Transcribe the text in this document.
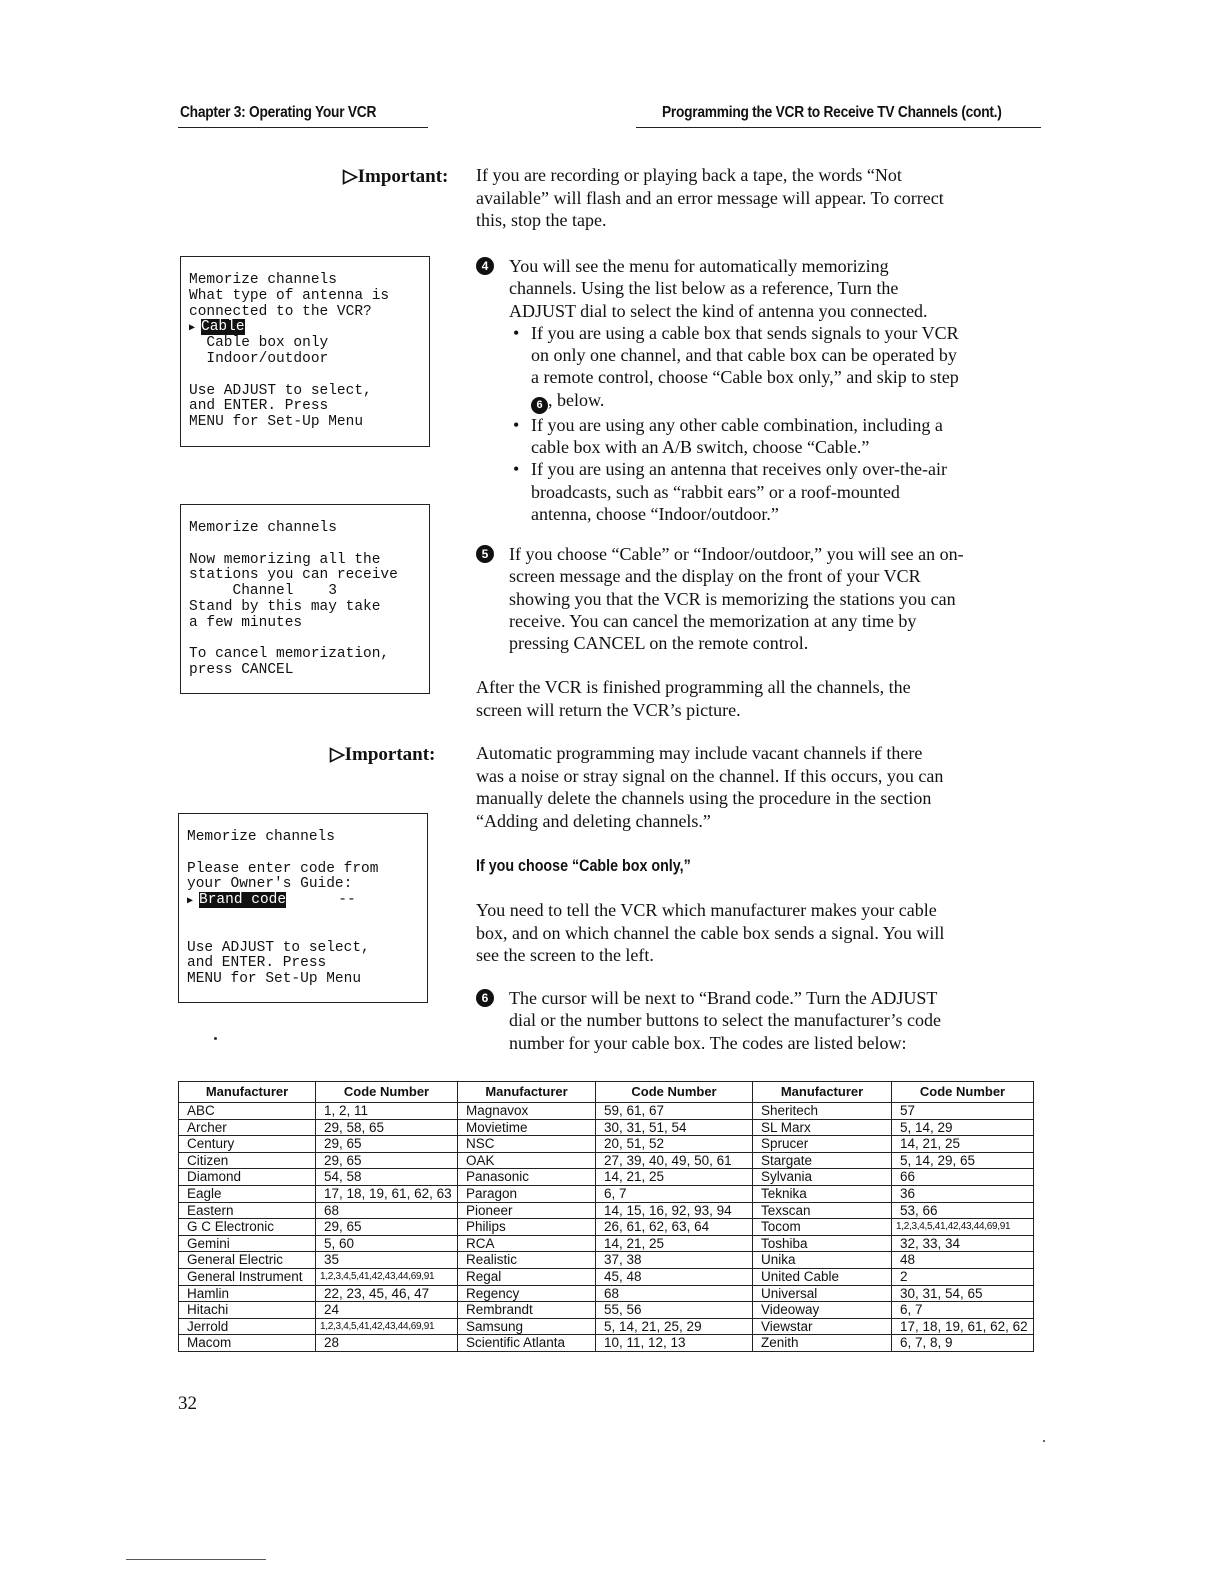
Chapter 3: Operating Your VCR	Programming the VCR to Receive TV Channels (cont.)
▷Important: If you are recording or playing back a tape, the words “Not

available” will flash and an error message will appear. To correct

this, stop the tape.

Memorize channels
What type of antenna is
connected to the VCR?
▶ Cable
Cable box only
Indoor/outdoor
Use ADJUST to select,
and ENTER. Press
MENU for Set-Up Menu
4	You will see the menu for automatically memorizing
channels. Using the list below as a reference, Turn the
ADJUST dial to select the kind of antenna you connected.
• If you are using a cable box that sends signals to your VCR
on only one channel, and that cable box can be operated by
a remote control, choose “Cable box only,” and skip to step
6 , below.
• If you are using any other cable combination, including a
cable box with an A/B switch, choose “Cable.”
• If you are using an antenna that receives only over-the-air
broadcasts, such as “rabbit ears” or a roof-mounted
antenna, choose “Indoor/outdoor.”
Memorize channels
Now memorizing all the
stations you can receive
Channel    3
Stand by this may take
a few minutes
To cancel memorization,
press CANCEL
5	If you choose “Cable” or “Indoor/outdoor,” you will see an on-
screen message and the display on the front of your VCR
showing you that the VCR is memorizing the stations you can
receive. You can cancel the memorization at any time by
pressing CANCEL on the remote control.

After the VCR is finished programming all the channels, the

screen will return the VCR’s picture.

▷Important: Automatic programming may include vacant channels if there

was a noise or stray signal on the channel. If this occurs, you can

manually delete the channels using the procedure in the section

“Adding and deleting channels.”

Memorize channels
Please enter code from
your Owner's Guide:
▶ Brand code	--
Use ADJUST to select,
and ENTER. Press
MENU for Set-Up Menu
If you choose “Cable box only,”

You need to tell the VCR which manufacturer makes your cable

box, and on which channel the cable box sends a signal. You will

see the screen to the left.

6	The cursor will be next to “Brand code.” Turn the ADJUST
dial or the number buttons to select the manufacturer’s code
number for your cable box. The codes are listed below:
Manufacturer	Code Number	Manufacturer	Code Number	Manufacturer	Code Number
ABC	1, 2, 11	Magnavox	59, 61, 67	Sheritech	57
Archer	29, 58, 65	Movietime	30, 31, 51, 54	SL Marx	5, 14, 29
Century	29, 65	NSC	20, 51, 52	Sprucer	14, 21, 25
Citizen	29, 65	OAK	27, 39, 40, 49, 50, 61	Stargate	5, 14, 29, 65
Diamond	54, 58	Panasonic	14, 21, 25	Sylvania	66
Eagle	17, 18, 19, 61, 62, 63	Paragon	6, 7	Teknika	36
Eastern	68	Pioneer	14, 15, 16, 92, 93, 94	Texscan	53, 66
G C Electronic	29, 65	Philips	26, 61, 62, 63, 64	Tocom	1,2,3,4,5,41,42,43,44,69,91
Gemini	5, 60	RCA	14, 21, 25	Toshiba	32, 33, 34
General Electric	35	Realistic	37, 38	Unika	48
General Instrument	1,2,3,4,5,41,42,43,44,69,91	Regal	45, 48	United Cable	2
Hamlin	22, 23, 45, 46, 47	Regency	68	Universal	30, 31, 54, 65
Hitachi	24	Rembrandt	55, 56	Videoway	6, 7
Jerrold	1,2,3,4,5,41,42,43,44,69,91	Samsung	5, 14, 21, 25, 29	Viewstar	17, 18, 19, 61, 62, 62
Macom	28	Scientific Atlanta	10, 11, 12, 13	Zenith	6, 7, 8, 9
32
